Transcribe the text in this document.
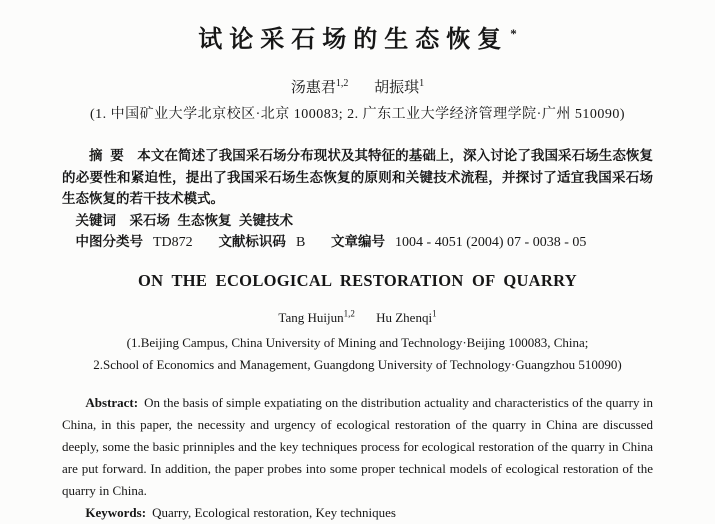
试论采石场的生态恢复 *
汤惠君$^{1,2}$ 胡振琪$^1$
(1. 中国矿业大学北京校区·北京 100083; 2. 广东工业大学经济管理学院·广州 510090)

摘  要 本文在简述了我国采石场分布现状及其特征的基础上，深入讨论了我国采石场生态恢复的必要性和紧迫性，提出了我国采石场生态恢复的原则和关键技术流程，并探讨了适宜我国采石场生态恢复的若干技术模式。

关键词 采石场  生态恢复  关键技术
中图分类号 TD872 文献标识码 B 文章编号 1004 - 4051 (2004) 07 - 0038 - 05
ON THE ECOLOGICAL RESTORATION OF QUARRY
Tang Huijun$^{1,2}$ Hu Zhenqi$^1$
(1.Beijing Campus, China University of Mining and Technology·Beijing 100083, China;
2.School of Economics and Management, Guangdong University of Technology·Guangzhou 510090)

Abstract: On the basis of simple expatiating on the distribution actuality and characteristics of the quarry in China, in this paper, the necessity and urgency of ecological restoration of the quarry in China are discussed deeply, some the basic prinniples and the key techniques process for ecological restoration of the quarry in China are put forward. In addition, the paper probes into some proper technical models of ecological restoration of the quarry in China.

Keywords: Quarry, Ecological restoration, Key techniques
